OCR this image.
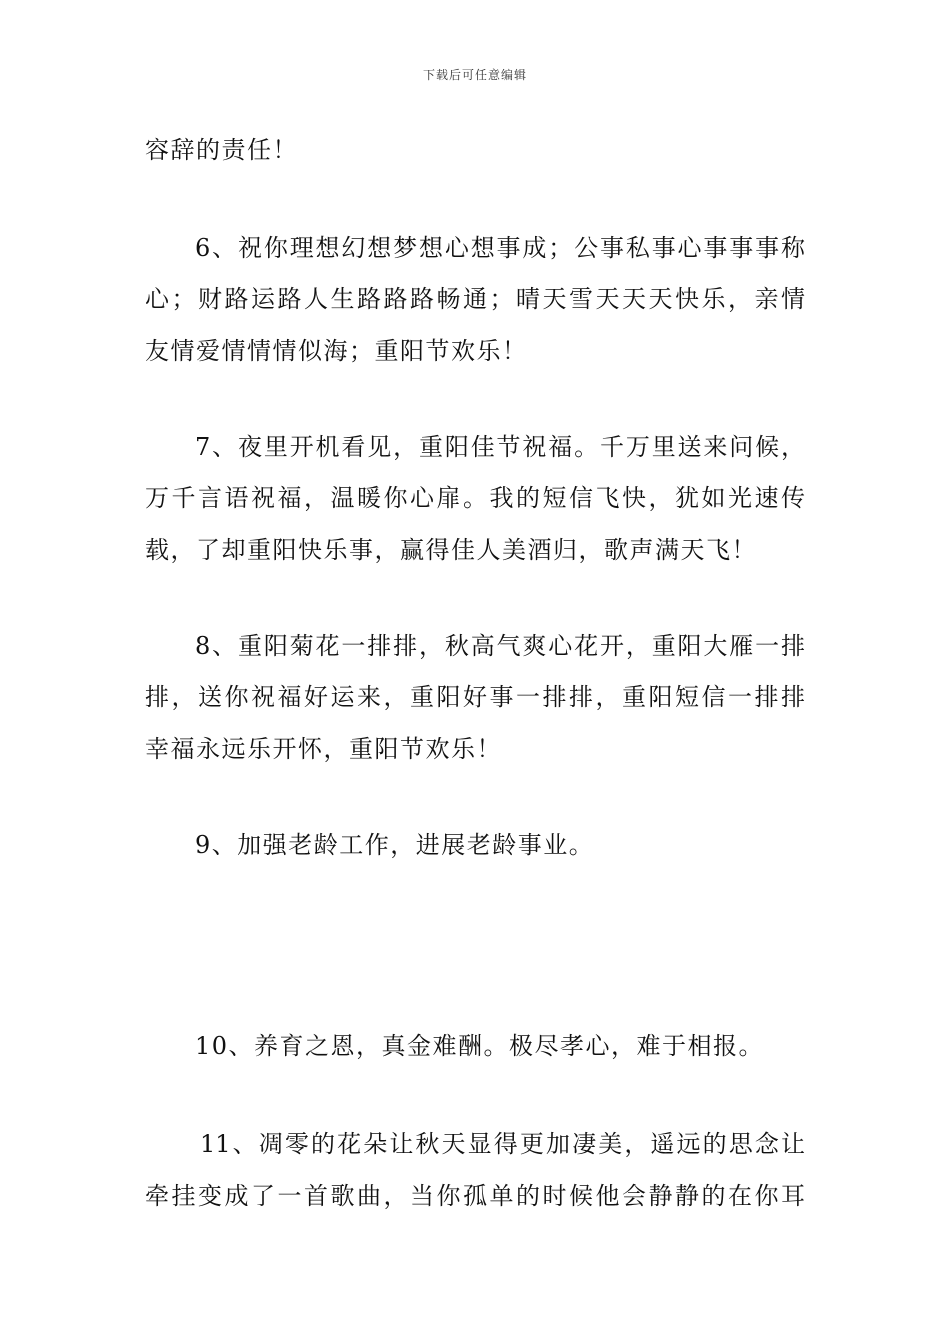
下载后可任意编辑
容辞的责任！
6、祝你理想幻想梦想心想事成；公事私事心事事事称
心；财路运路人生路路路畅通；晴天雪天天天快乐，亲情
友情爱情情情似海；重阳节欢乐！
7、夜里开机看见，重阳佳节祝福。千万里送来问候，
万千言语祝福，温暖你心扉。我的短信飞快，犹如光速传
载，了却重阳快乐事，赢得佳人美酒归，歌声满天飞！
8、重阳菊花一排排，秋高气爽心花开，重阳大雁一排
排，送你祝福好运来，重阳好事一排排，重阳短信一排排
幸福永远乐开怀，重阳节欢乐！
9、加强老龄工作，进展老龄事业。
10、养育之恩，真金难酬。极尽孝心，难于相报。
11、凋零的花朵让秋天显得更加凄美，遥远的思念让
牵挂变成了一首歌曲，当你孤单的时候他会静静的在你耳
